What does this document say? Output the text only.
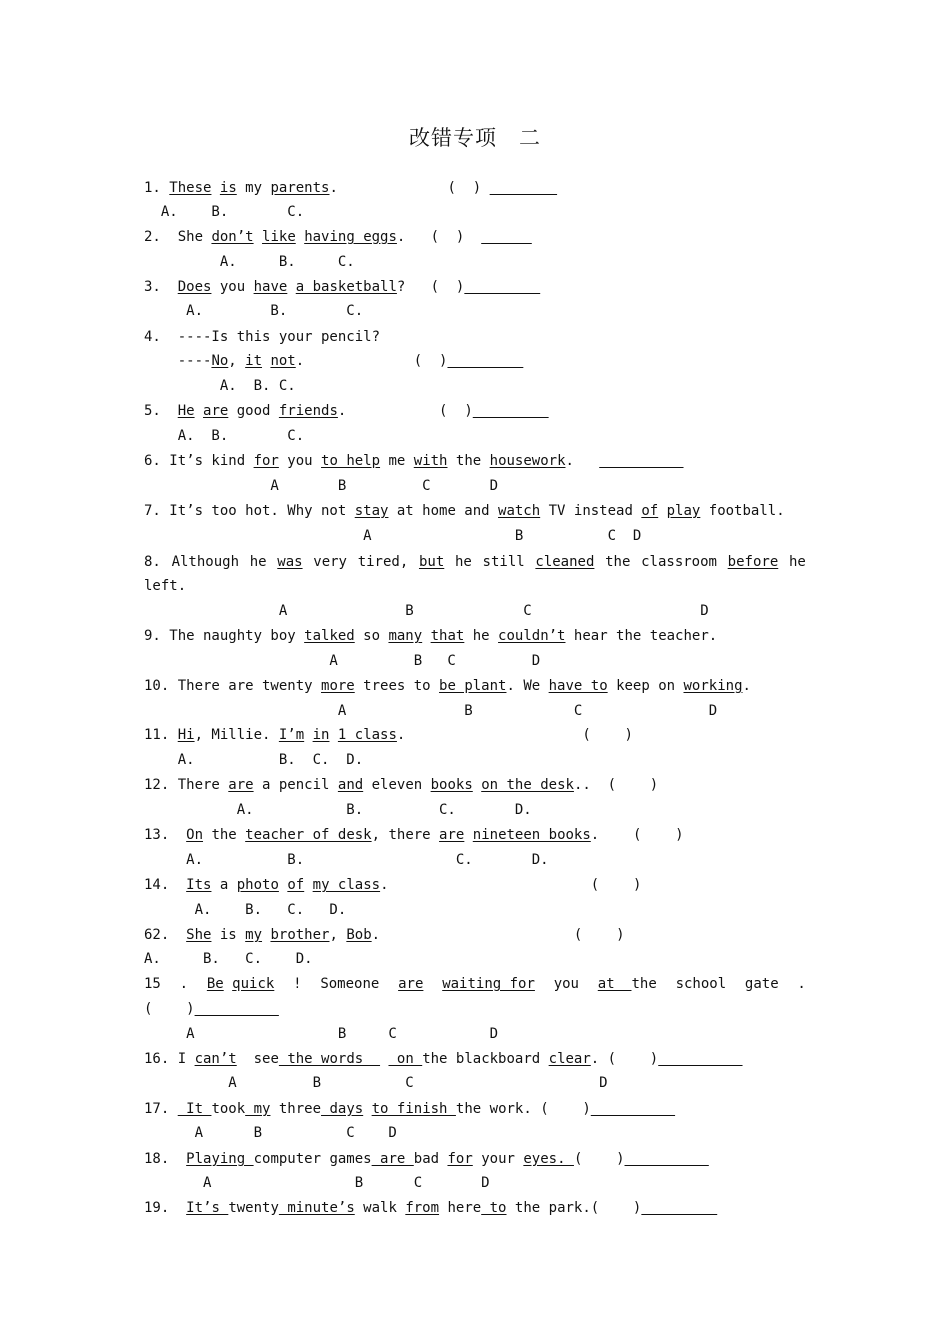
改错专项　二
1. These is my parents.             (  )
A.    B.       C.
2.  She don’t like having eggs.   (  )
A.     B.     C.
3.  Does you have a basketball?   (  )
A.        B.       C.
4.  ----Is this your pencil?
----No, it not.             (  )
A.  B. C.
5.  He are good friends.           (  )
A.  B.       C.
6. It’s kind for you to help me with the housework.
A       B         C       D
7. It’s too hot. Why not stay at home and watch TV instead of play football.
A                 B          C  D
8. Although he was very tired, but he still cleaned the classroom before he
left.
A              B             C                    D
9. The naughty boy talked so many that he couldn’t hear the teacher.
A         B   C         D
10. There are twenty more trees to be plant. We have to keep on working.
A              B            C               D
11. Hi, Millie. I’m in 1 class.                     (    )
A.          B.  C.  D.
12. There are a pencil and eleven books on the desk..  (    )
A.           B.         C.       D.
13.  On the teacher of desk, there are nineteen books.    (    )
A.          B.                  C.       D.
14.  Its a photo of my class.                        (    )
A.    B.   C.   D.
62.  She is my brother, Bob.                       (    )
A.     B.   C.    D.
15 . Be quick ! Someone are waiting for you at  the school gate .
(    )
A                 B     C           D
16. I can’t  see the words    on the blackboard clear. (    )
A         B          C                      D
17.  It took my three days to finish the work. (    )
A      B          C    D
18.  Playing computer games are bad for your eyes. (    )
A                 B      C       D
19.  It’s twenty minute’s walk from here to the park.(    )
